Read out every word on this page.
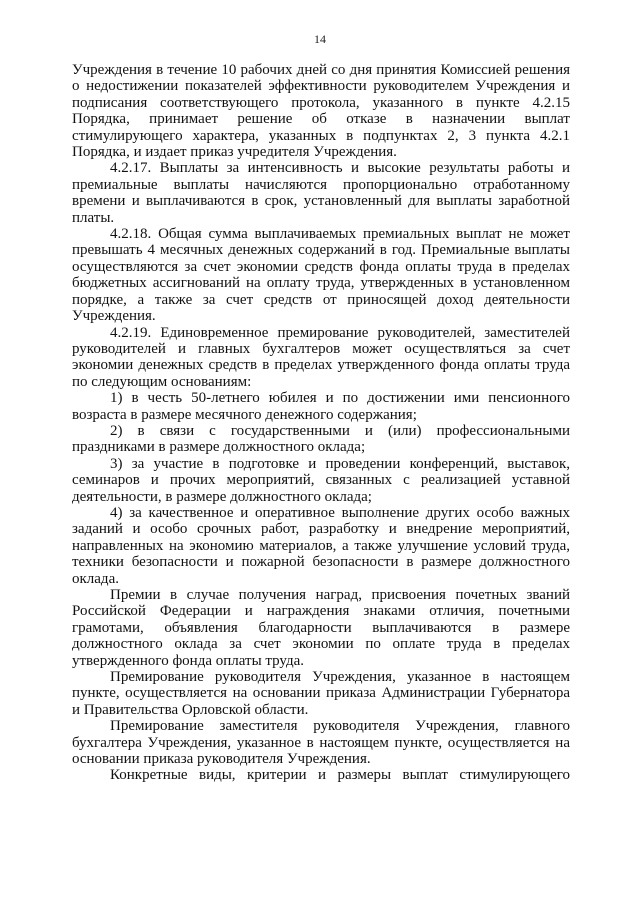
14

Учреждения в течение 10 рабочих дней со дня принятия Комиссией решения о недостижении показателей эффективности руководителем Учреждения и подписания соответствующего протокола, указанного в пункте 4.2.15 Порядка, принимает решение об отказе в назначении выплат стимулирующего характера, указанных в подпунктах 2, 3 пункта 4.2.1 Порядка, и издает приказ учредителя Учреждения.

4.2.17. Выплаты за интенсивность и высокие результаты работы и премиальные выплаты начисляются пропорционально отработанному времени и выплачиваются в срок, установленный для выплаты заработной платы.

4.2.18. Общая сумма выплачиваемых премиальных выплат не может превышать 4 месячных денежных содержаний в год. Премиальные выплаты осуществляются за счет экономии средств фонда оплаты труда в пределах бюджетных ассигнований на оплату труда, утвержденных в установленном порядке, а также за счет средств от приносящей доход деятельности Учреждения.

4.2.19. Единовременное премирование руководителей, заместителей руководителей и главных бухгалтеров может осуществляться за счет экономии денежных средств в пределах утвержденного фонда оплаты труда по следующим основаниям:

1) в честь 50-летнего юбилея и по достижении ими пенсионного возраста в размере месячного денежного содержания;

2) в связи с государственными и (или) профессиональными праздниками в размере должностного оклада;

3) за участие в подготовке и проведении конференций, выставок, семинаров и прочих мероприятий, связанных с реализацией уставной деятельности, в размере должностного оклада;

4) за качественное и оперативное выполнение других особо важных заданий и особо срочных работ, разработку и внедрение мероприятий, направленных на экономию материалов, а также улучшение условий труда, техники безопасности и пожарной безопасности в размере должностного оклада.

Премии в случае получения наград, присвоения почетных званий Российской Федерации и награждения знаками отличия, почетными грамотами, объявления благодарности выплачиваются в размере должностного оклада за счет экономии по оплате труда в пределах утвержденного фонда оплаты труда.

Премирование руководителя Учреждения, указанное в настоящем пункте, осуществляется на основании приказа Администрации Губернатора и Правительства Орловской области.

Премирование заместителя руководителя Учреждения, главного бухгалтера Учреждения, указанное в настоящем пункте, осуществляется на основании приказа руководителя Учреждения.

Конкретные виды, критерии и размеры выплат стимулирующего
